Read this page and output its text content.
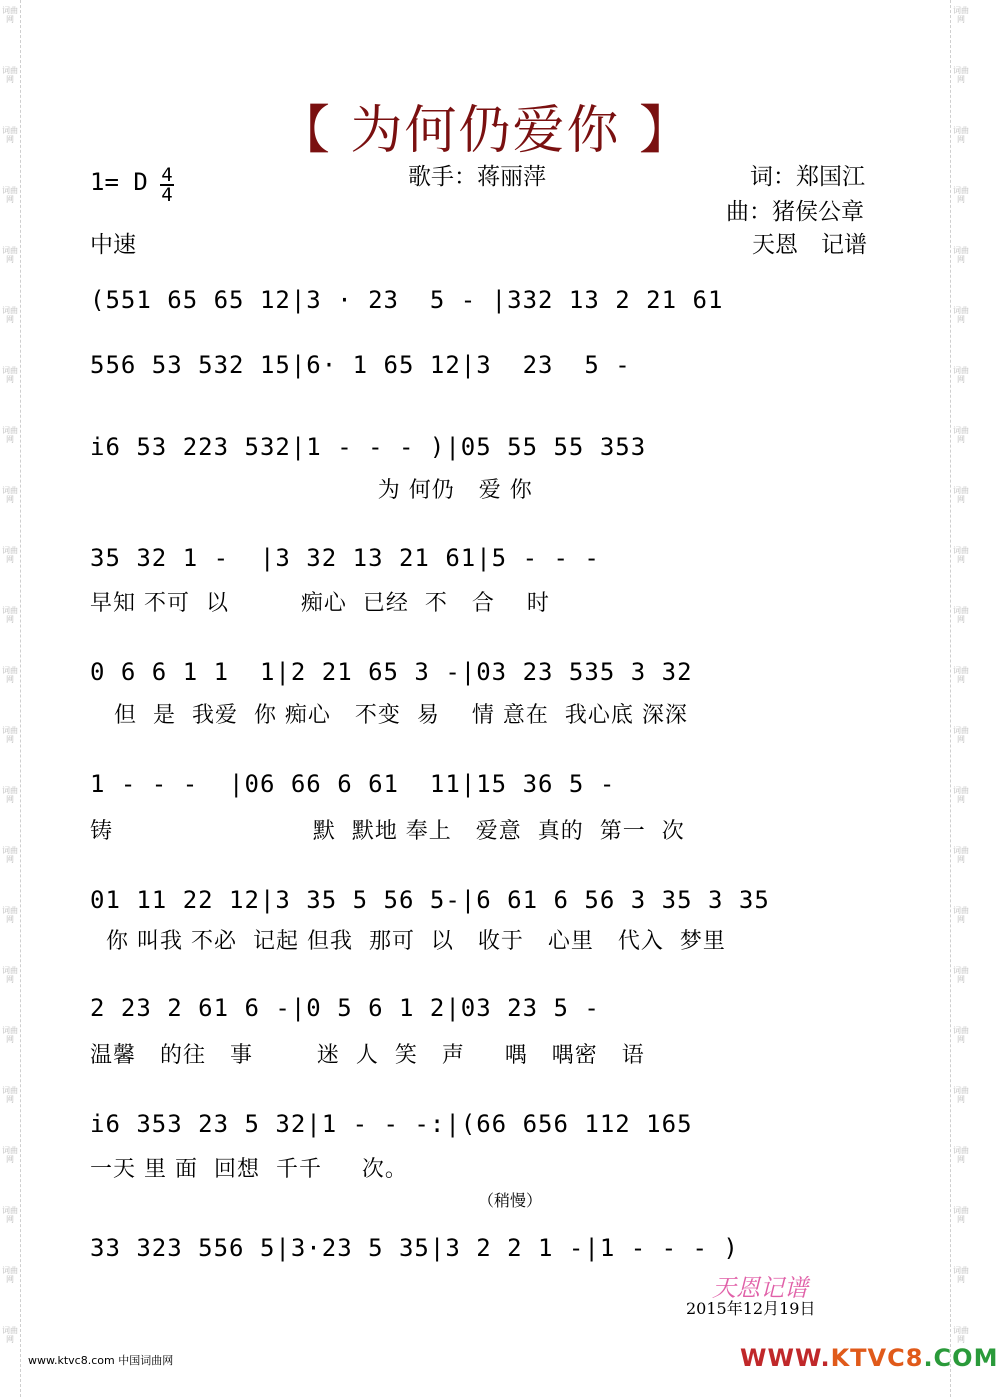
词曲网
词曲网
词曲网
词曲网
词曲网
词曲网
词曲网
词曲网
词曲网
词曲网
词曲网
词曲网
词曲网
词曲网
词曲网
词曲网
词曲网
词曲网
词曲网
词曲网
词曲网
词曲网
词曲网
词曲网
词曲网
词曲网
词曲网
词曲网
词曲网
词曲网
词曲网
词曲网
词曲网
词曲网
词曲网
词曲网
词曲网
词曲网
词曲网
词曲网
词曲网
词曲网
词曲网
词曲网
词曲网
词曲网
【 为何仍爱你 】
歌手：蒋丽萍	词：郑国江
曲：猪侯公章
天恩　记谱
1= D 4
4
中速
(551 65 65 12|3 · 23  5 - |332 13 2 21 61
556 53 532 15|6· 1 65 12|3  23  5 -
i6 53 223 532|1 - - - )|05 55 55 353
为 何仍   爱 你
35 32 1 -  |3 32 13 21 61|5 - - -
早知 不可  以         痴心  已经  不   合    时
0 6 6 1 1  1|2 21 65 3 -|03 23 535 3 32
但  是  我爱  你 痴心   不变  易    情 意在  我心底 深深
1 - - -  |06 66 6 61  11|15 36 5 -
铸                         默  默地 奉上   爱意  真的  第一  次
01 11 22 12|3 35 5 56 5-|6 61 6 56 3 35 3 35
你 叫我 不必  记起 但我  那可  以   收于   心里   代入  梦里
2 23 2 61 6 -|0 5 6 1 2|03 23 5 -
温馨   的往   事        迷  人  笑   声     喁   喁密   语
i6 353 23 5 32|1 - - -:|(66 656 112 165
一天 里 面  回想  千千     次。
（稍慢）
33 323 556 5|3·23 5 35|3 2 2 1 -|1 - - - )
天恩记谱
2015年12月19日
www.ktvc8.com 中国词曲网	WWW.KTVC8.COM
